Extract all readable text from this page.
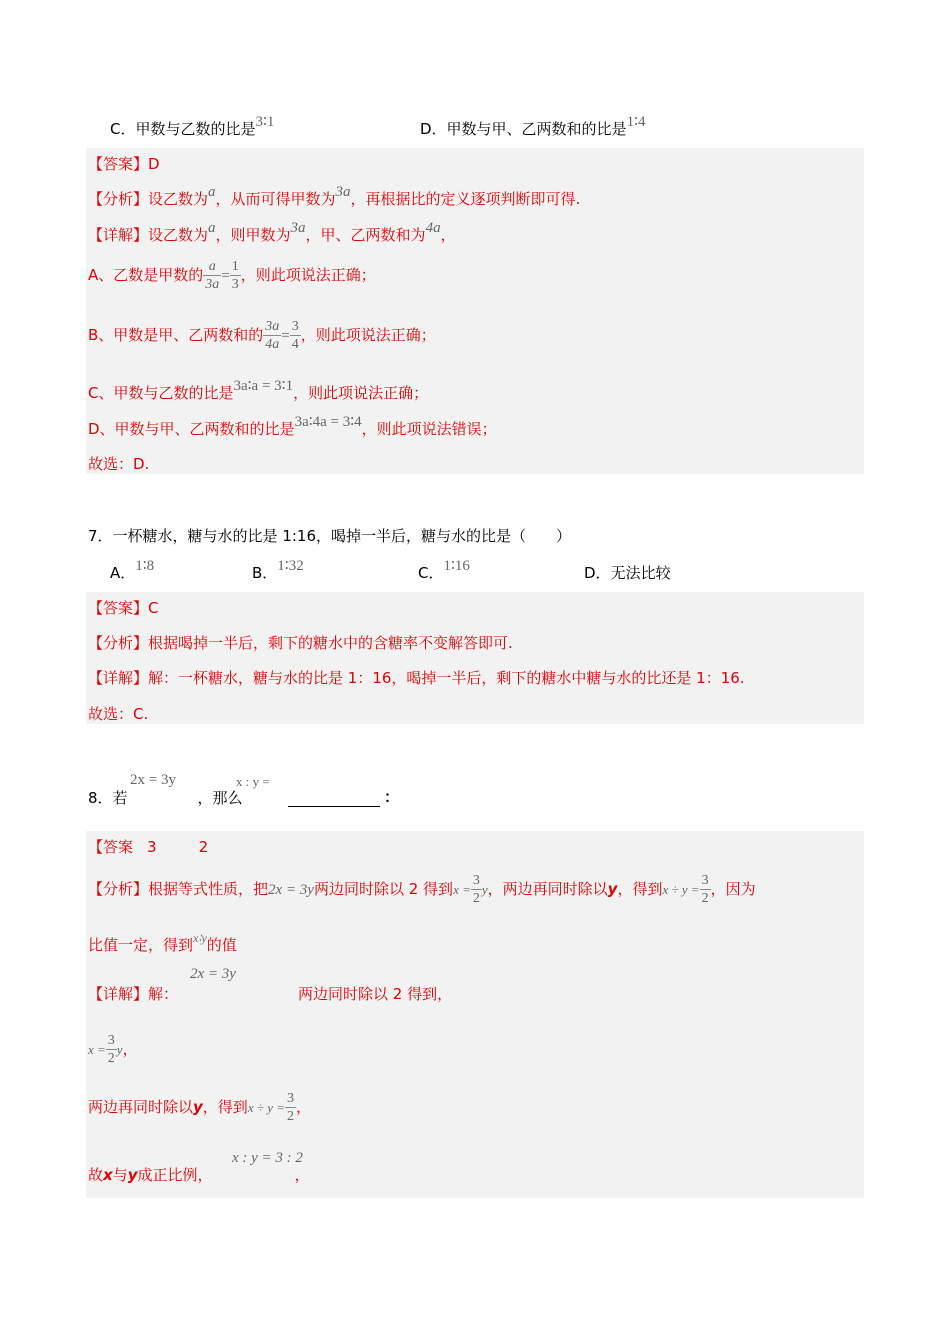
C．甲数与乙数的比是3∶1	D．甲数与甲、乙两数和的比是1∶4
【答案】D
【分析】设乙数为a，从而可得甲数为3a，再根据比的定义逐项判断即可得.
【详解】设乙数为a，则甲数为3a，甲、乙两数和为4a，
A、乙数是甲数的 $\frac{a}{3a} = \frac{1}{3}$ ，则此项说法正确；
B、甲数是甲、乙两数和的 $\frac{3a}{4a} = \frac{3}{4}$ ，则此项说法正确；
C、甲数与乙数的比是3a∶a = 3∶1，则此项说法正确；
D、甲数与甲、乙两数和的比是3a∶4a = 3∶4，则此项说法错误；
故选：D.
7．一杯糖水，糖与水的比是 1:16，喝掉一半后，糖与水的比是（　　）
A．1∶8	B．1∶32	C．1∶16	D．无法比较
【答案】C
【分析】根据喝掉一半后，剩下的糖水中的含糖率不变解答即可.
【详解】解：一杯糖水，糖与水的比是 1：16，喝掉一半后，剩下的糖水中糖与水的比还是 1：16.
故选：C.
2x = 3y	x : y =
8．若	，那么	：
【答案 3	2
【分析】根据等式性质，把2x = 3y两边同时除以 2 得到$x = \frac{3}{2}$ y，两边再同时除以y，得到$x \div y = \frac{3}{2}$ ，因为
比值一定，得到$^{x∶y}$的值
2x = 3y
【详解】解：	两边同时除以 2 得到，
$x = \frac{3}{2}$ y，
两边再同时除以y，得到$x \div y = \frac{3}{2}$ ，
x : y = 3 : 2
故x与y成正比例，	，
